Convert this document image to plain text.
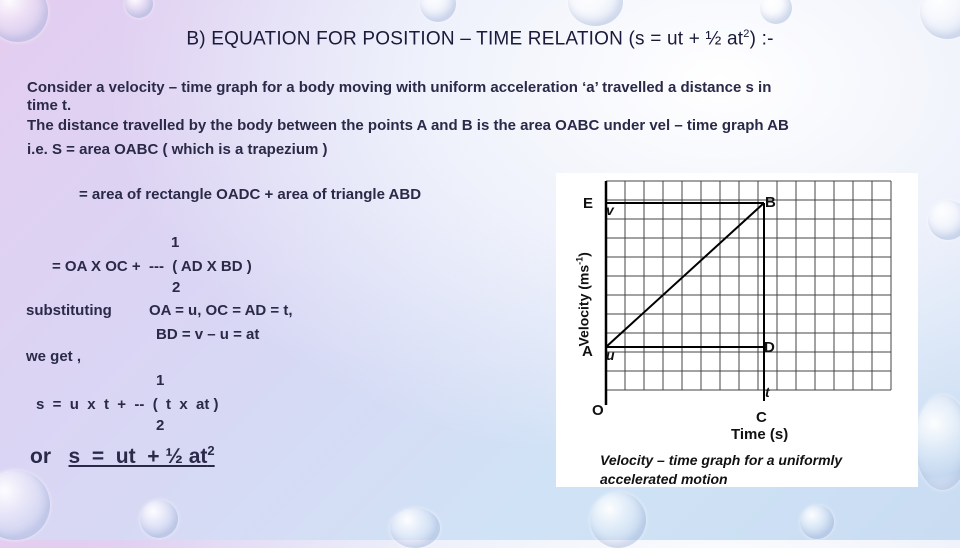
B) EQUATION FOR POSITION – TIME RELATION (s = ut + ½ $at^2$) :-
Consider a velocity – time graph for a body moving with uniform acceleration ‘a’ travelled a distance s in
time t.
The distance travelled by the body between the points A and B is the area OABC under vel – time graph AB
i.e. S = area OABC ( which is a trapezium )
= area of rectangle OADC + area of triangle ABD
1
= OA X OC +  ---  ( AD X BD )
2
substituting OA = u, OC = AD = t,
BD = v – u = at
we get ,
1
s  =  u  x  t  +  --  (  t  x  at )
2
or s  =  ut  + ½ $at^2$
Velocity $(ms^{-1})$
E v	B
A u	D
t
O	C
Time (s)
Velocity – time graph for a uniformly
accelerated motion
